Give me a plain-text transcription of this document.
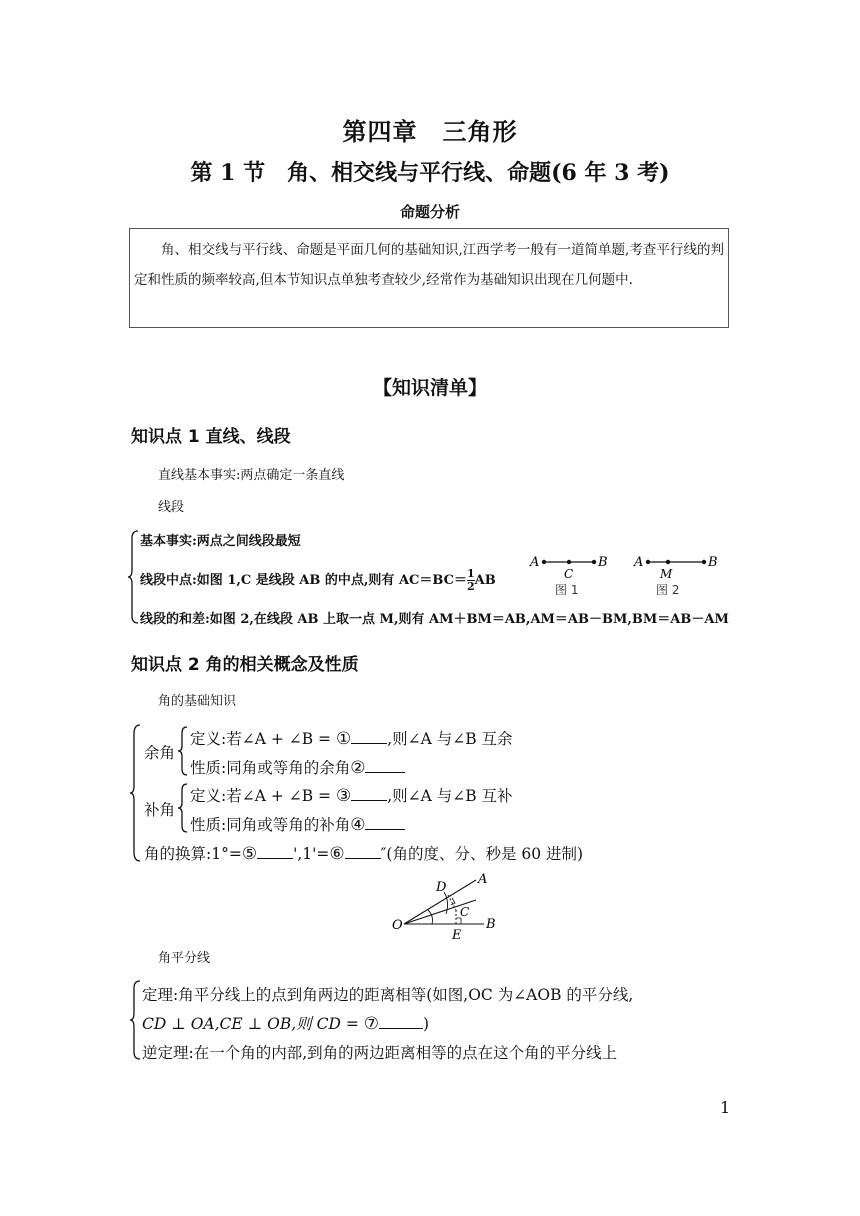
第四章　三角形
第 1 节　角、相交线与平行线、命题(6 年 3 考)
命题分析

角、相交线与平行线、命题是平面几何的基础知识,江西学考一般有一道简单题,考查平行线的判定和性质的频率较高,但本节知识点单独考查较少,经常作为基础知识出现在几何题中.

【知识清单】
知识点 1 直线、线段
直线基本事实:两点确定一条直线
线段
基本事实:两点之间线段最短
线段中点:如图 1,C 是线段 AB 的中点,则有 $AC=BC= \frac{1}{2}$ AB
线段的和差:如图 2,在线段 AB 上取一点 M,则有 AM＋BM＝AB,AM＝AB－BM,BM＝AB－AM
A	B
C
图 1
A	B
M
图 2
知识点 2 角的相关概念及性质
角的基础知识
余角
定义:若∠A + ∠B = ① ,则∠A 与∠B 互余
性质:同角或等角的余角②
补角
定义:若∠A + ∠B = ③ ,则∠A 与∠B 互补
性质:同角或等角的补角④
角的换算:1°=⑤ ',1'=⑥ ″(角的度、分、秒是 60 进制)
O
A
B
C
D
E
角平分线
定理:角平分线上的点到角两边的距离相等(如图,OC 为∠AOB 的平分线,
CD ⊥ OA,CE ⊥ OB,则 CD = ⑦	)
逆定理:在一个角的内部,到角的两边距离相等的点在这个角的平分线上
1
